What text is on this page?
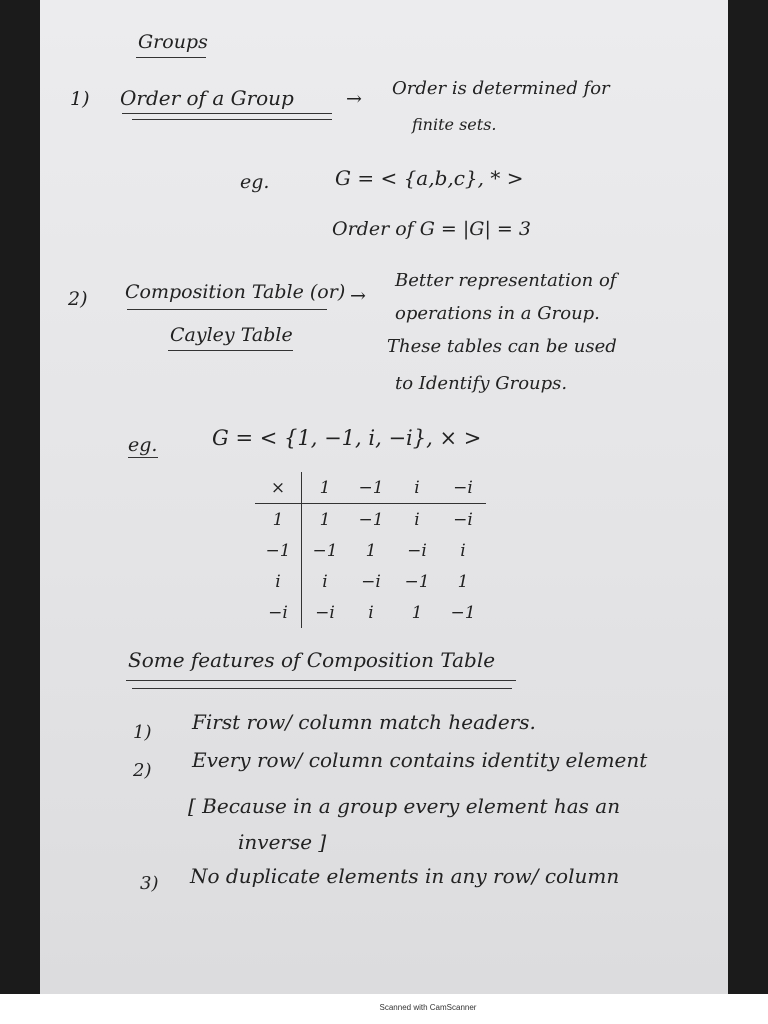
Groups
1) Order of a Group	→ Order is determined for
finite sets.
eg.	G = < {a,b,c}, * >
Order of G = |G| = 3
2) Composition Table (or)
Cayley Table
→
Better representation of
operations in a Group.
These tables can be used
to Identify Groups.
eg.	G = < {1, −1, i, −i}, × >
×	1	−1	i	−i
1	1	−1	i	−i
−1	−1	1	−i	i
i	i	−i	−1	1
−i	−i	i	1	−1
Some features of Composition Table
1) First row/ column match headers.
2) Every row/ column contains identity element
[ Because in a group every element has an
inverse ]
3) No duplicate elements in any row/ column
Scanned with CamScanner
